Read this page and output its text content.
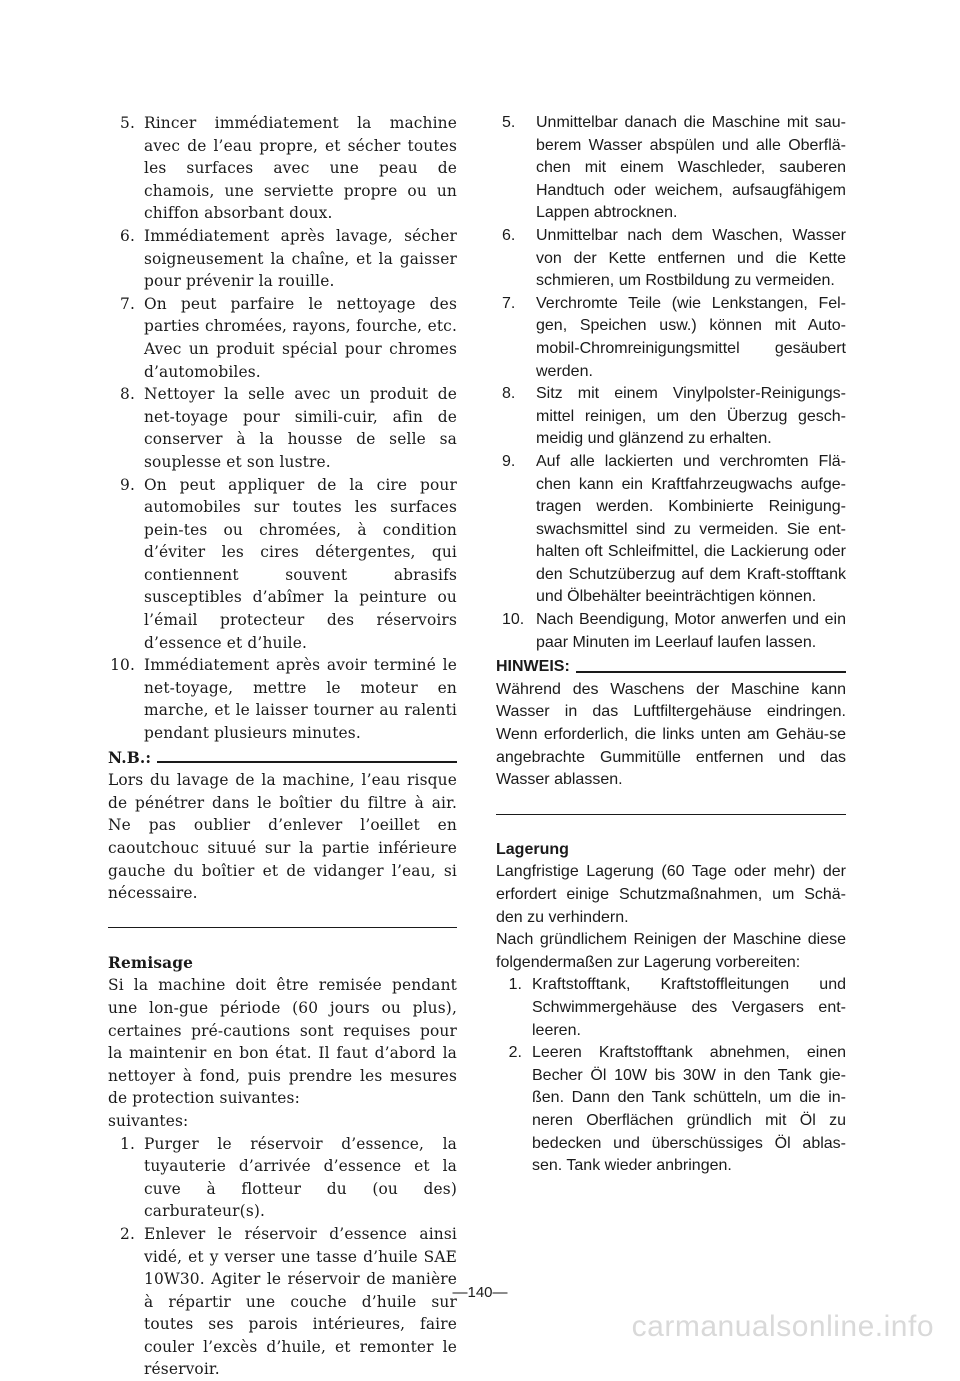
5. Rincer immédiatement la machine avec de l’eau propre, et sécher toutes les surfaces avec une peau de chamois, une serviette propre ou un chiffon absorbant doux.
6. Immédiatement après lavage, sécher soigneusement la chaîne, et la gaisser pour prévenir la rouille.
7. On peut parfaire le nettoyage des parties chromées, rayons, fourche, etc. Avec un produit spécial pour chromes d’automobiles.
8. Nettoyer la selle avec un produit de net-toyage pour simili-cuir, afin de conserver à la housse de selle sa souplesse et son lustre.
9. On peut appliquer de la cire pour automobiles sur toutes les surfaces pein-tes ou chromées, à condition d’éviter les cires détergentes, qui contiennent souvent abrasifs susceptibles d’abîmer la peinture ou l’émail protecteur des réservoirs d’essence et d’huile.
10. Immédiatement après avoir terminé le net-toyage, mettre le moteur en marche, et le laisser tourner au ralenti pendant plusieurs minutes.
N.B.:
Lors du lavage de la machine, l’eau risque de pénétrer dans le boîtier du filtre à air. Ne pas oublier d’enlever l’oeillet en caoutchouc situué sur la partie inférieure gauche du boîtier et de vidanger l’eau, si nécessaire.
Remisage
Si la machine doit être remisée pendant une lon-gue période (60 jours ou plus), certaines pré-cautions sont requises pour la maintenir en bon état. Il faut d’abord la nettoyer à fond, puis prendre les mesures de protection suivantes:
suivantes:
1. Purger le réservoir d’essence, la tuyauterie d’arrivée d’essence et la cuve à flotteur du (ou des) carburateur(s).
2. Enlever le réservoir d’essence ainsi vidé, et y verser une tasse d’huile SAE 10W30. Agiter le réservoir de manière à répartir une couche d’huile sur toutes ses parois intérieures, faire couler l’excès d’huile, et remonter le réservoir.
5.	Unmittelbar danach die Maschine mit sau-berem Wasser abspülen und alle Oberflä-chen mit einem Waschleder, sauberen Handtuch oder weichem, aufsaugfähigem Lappen abtrocknen.
6.	Unmittelbar nach dem Waschen, Wasser von der Kette entfernen und die Kette schmieren, um Rostbildung zu vermeiden.
7.	Verchromte Teile (wie Lenkstangen, Fel-gen, Speichen usw.) können mit Auto-mobil-Chromreinigungsmittel gesäubert werden.
8.	Sitz mit einem Vinylpolster-Reinigungs-mittel reinigen, um den Überzug gesch-meidig und glänzend zu erhalten.
9.	Auf alle lackierten und verchromten Flä-chen kann ein Kraftfahrzeugwachs aufge-tragen werden. Kombinierte Reinigung-swachsmittel sind zu vermeiden. Sie ent-halten oft Schleifmittel, die Lackierung oder den Schutzüberzug auf dem Kraft-stofftank und Ölbehälter beeinträchtigen können.
10. Nach Beendigung, Motor anwerfen und ein paar Minuten im Leerlauf laufen lassen.
HINWEIS:
Während des Waschens der Maschine kann Wasser in das Luftfiltergehäuse eindringen. Wenn erforderlich, die links unten am Gehäu-se angebrachte Gummitülle entfernen und das Wasser ablassen.
Lagerung
Langfristige Lagerung (60 Tage oder mehr) der erfordert einige Schutzmaßnahmen, um Schä-den zu verhindern.
Nach gründlichem Reinigen der Maschine diese folgendermaßen zur Lagerung vorbereiten:
1. Kraftstofftank, Kraftstoffleitungen und Schwimmergehäuse des Vergasers ent-leeren.
2. Leeren Kraftstofftank abnehmen, einen Becher Öl 10W bis 30W in den Tank gie-ßen. Dann den Tank schütteln, um die in-neren Oberflächen gründlich mit Öl zu bedecken und überschüssiges Öl ablas-sen. Tank wieder anbringen.
—140—
carmanualsonline.info
